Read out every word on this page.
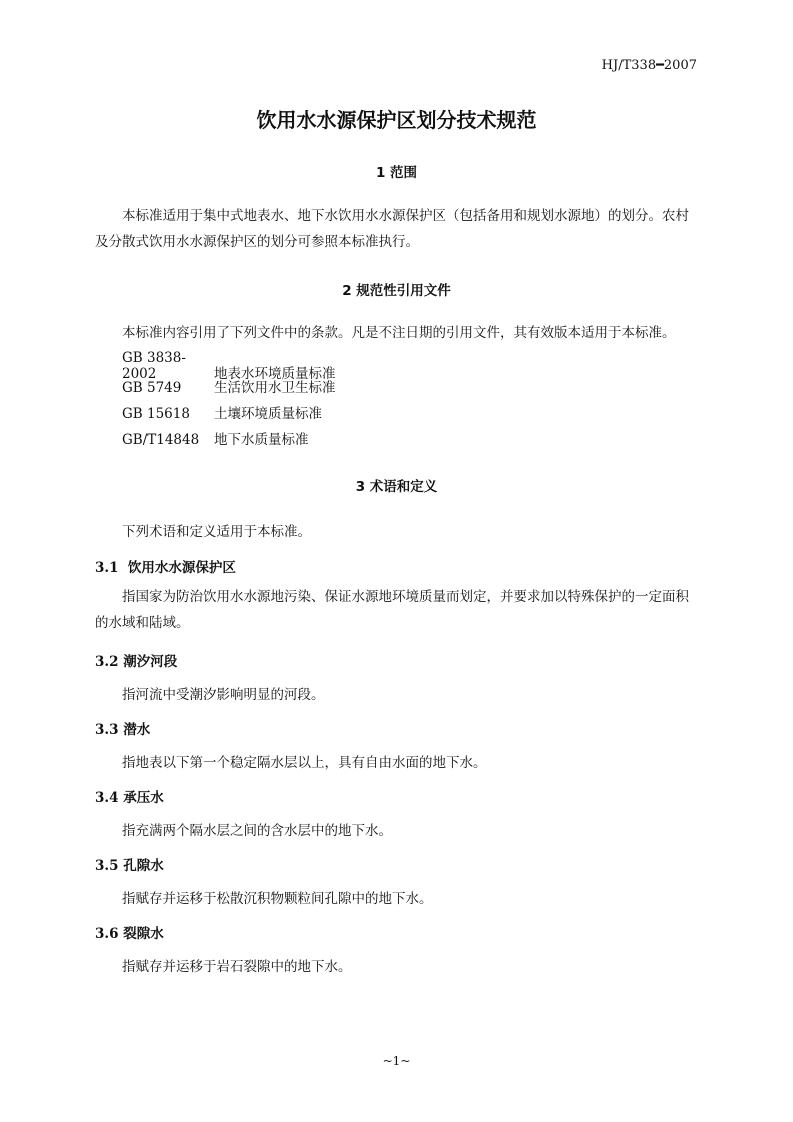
HJ/T338━2007
饮用水水源保护区划分技术规范
1 范围
本标准适用于集中式地表水、地下水饮用水水源保护区（包括备用和规划水源地）的划分。农村及分散式饮用水水源保护区的划分可参照本标准执行。
2 规范性引用文件
本标准内容引用了下列文件中的条款。凡是不注日期的引用文件，其有效版本适用于本标准。
GB 3838-2002	地表水环境质量标准
GB 5749 生活饮用水卫生标准
GB 15618 土壤环境质量标准
GB/T14848 地下水质量标准
3 术语和定义
下列术语和定义适用于本标准。
3.1 饮用水水源保护区
指国家为防治饮用水水源地污染、保证水源地环境质量而划定，并要求加以特殊保护的一定面积的水域和陆域。
3.2 潮汐河段
指河流中受潮汐影响明显的河段。
3.3 潜水
指地表以下第一个稳定隔水层以上，具有自由水面的地下水。
3.4 承压水
指充满两个隔水层之间的含水层中的地下水。
3.5 孔隙水
指赋存并运移于松散沉积物颗粒间孔隙中的地下水。
3.6 裂隙水
指赋存并运移于岩石裂隙中的地下水。
~1~
